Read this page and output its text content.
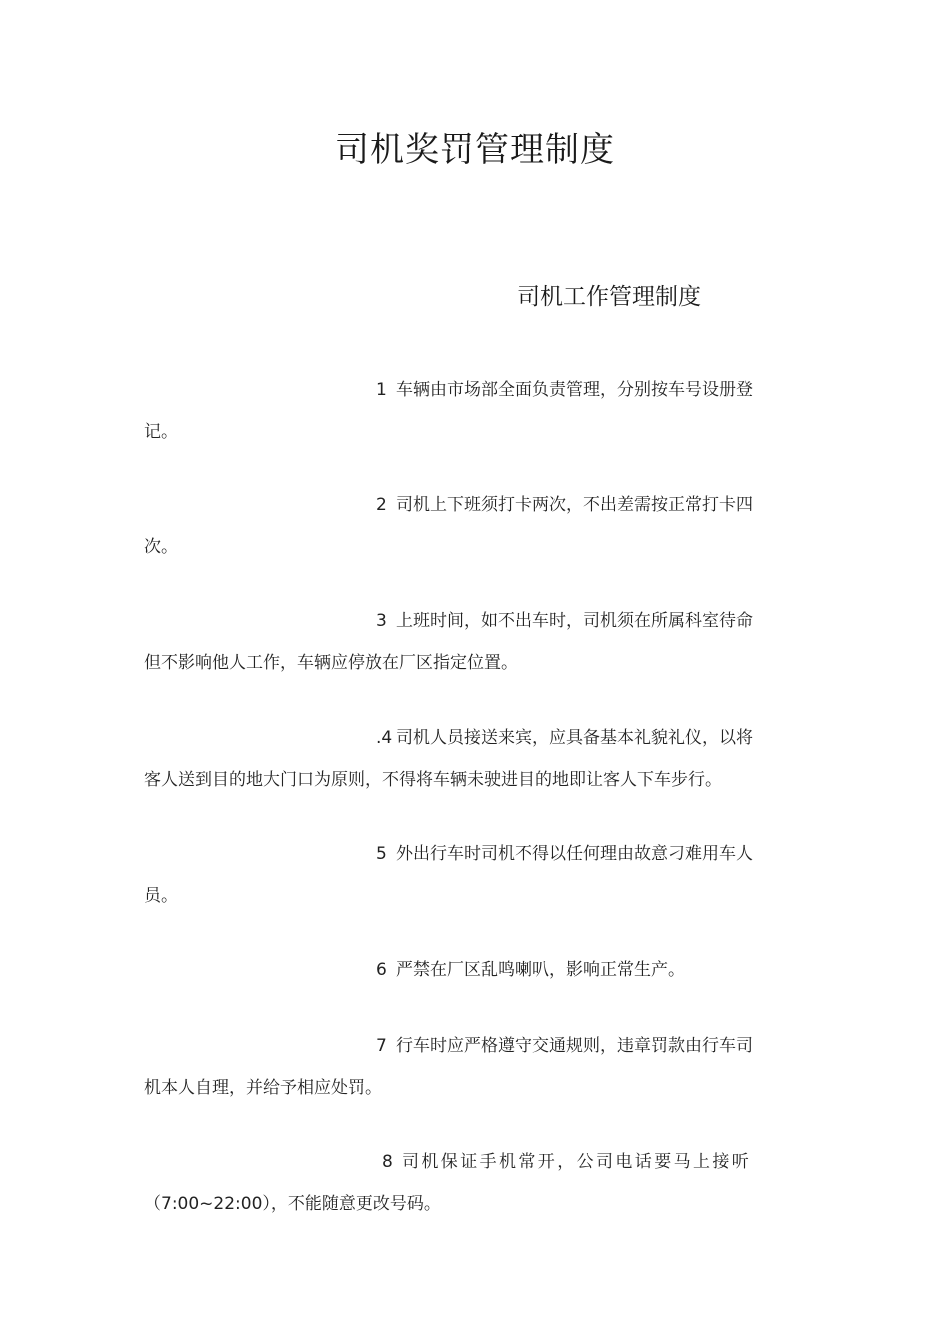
司机奖罚管理制度
司机工作管理制度
1 车辆由市场部全面负责管理，分别按车号设册登
记。
2 司机上下班须打卡两次，不出差需按正常打卡四
次。
3 上班时间，如不出车时，司机须在所属科室待命
但不影响他人工作，车辆应停放在厂区指定位置。
.4 司机人员接送来宾，应具备基本礼貌礼仪，以将
客人送到目的地大门口为原则，不得将车辆未驶进目的地即让客人下车步行。
5 外出行车时司机不得以任何理由故意刁难用车人
员。
6 严禁在厂区乱鸣喇叭，影响正常生产。
7 行车时应严格遵守交通规则，违章罚款由行车司
机本人自理，并给予相应处罚。
8 司机保证手机常开，公司电话要马上接听
（7:00~22:00），不能随意更改号码。
